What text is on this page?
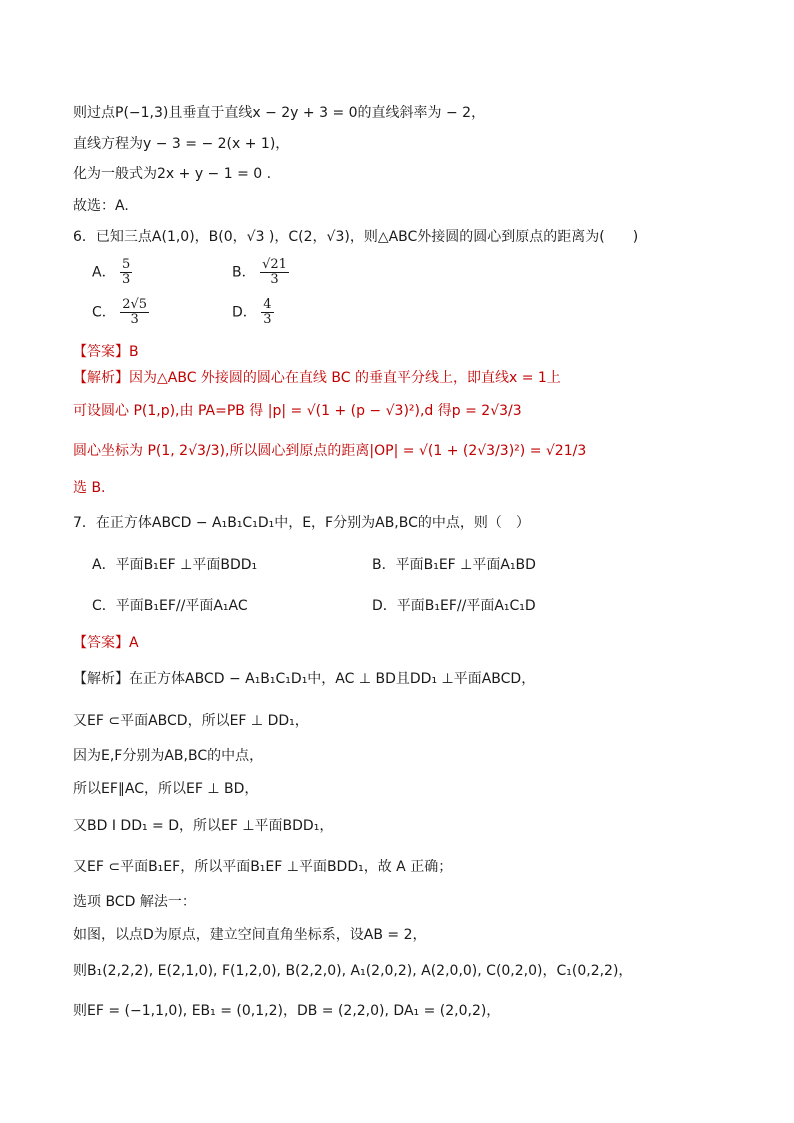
则过点P(−1,3)且垂直于直线x − 2y + 3 = 0的直线斜率为 − 2，
直线方程为y − 3 = − 2(x + 1)，
化为一般式为2x + y − 1 = 0 .
故选：A.
6．已知三点A(1,0)，B(0，√3 )，C(2，√3)，则△ABC外接圆的圆心到原点的距离为(　　)
A． $\frac{5}{3}$	B． $\frac{√21}{3}$
C． $\frac{2√5}{3}$	D． $\frac{4}{3}$
【答案】B
【解析】因为△ABC 外接圆的圆心在直线 BC 的垂直平分线上，即直线x = 1上
可设圆心 P(1,p),由 PA=PB 得 |p| = √(1 + (p − √3)²),d 得p = 2√3/3
圆心坐标为 P(1, 2√3/3),所以圆心到原点的距离|OP| = √(1 + (2√3/3)²) = √21/3
选 B.
7．在正方体ABCD − A₁B₁C₁D₁中，E，F分别为AB,BC的中点，则（　）
A．平面B₁EF ⊥平面BDD₁	B．平面B₁EF ⊥平面A₁BD
C．平面B₁EF//平面A₁AC	D．平面B₁EF//平面A₁C₁D
【答案】A
【解析】在正方体ABCD − A₁B₁C₁D₁中，AC ⊥ BD且DD₁ ⊥平面ABCD，
又EF ⊂平面ABCD，所以EF ⊥ DD₁，
因为E,F分别为AB,BC的中点，
所以EF∥AC，所以EF ⊥ BD，
又BD I DD₁ = D，所以EF ⊥平面BDD₁，
又EF ⊂平面B₁EF，所以平面B₁EF ⊥平面BDD₁，故 A 正确；
选项 BCD 解法一：
如图，以点D为原点，建立空间直角坐标系，设AB = 2，
则B₁(2,2,2), E(2,1,0), F(1,2,0), B(2,2,0), A₁(2,0,2), A(2,0,0), C(0,2,0)，C₁(0,2,2)，
则EF = (−1,1,0), EB₁ = (0,1,2)，DB = (2,2,0), DA₁ = (2,0,2)，
